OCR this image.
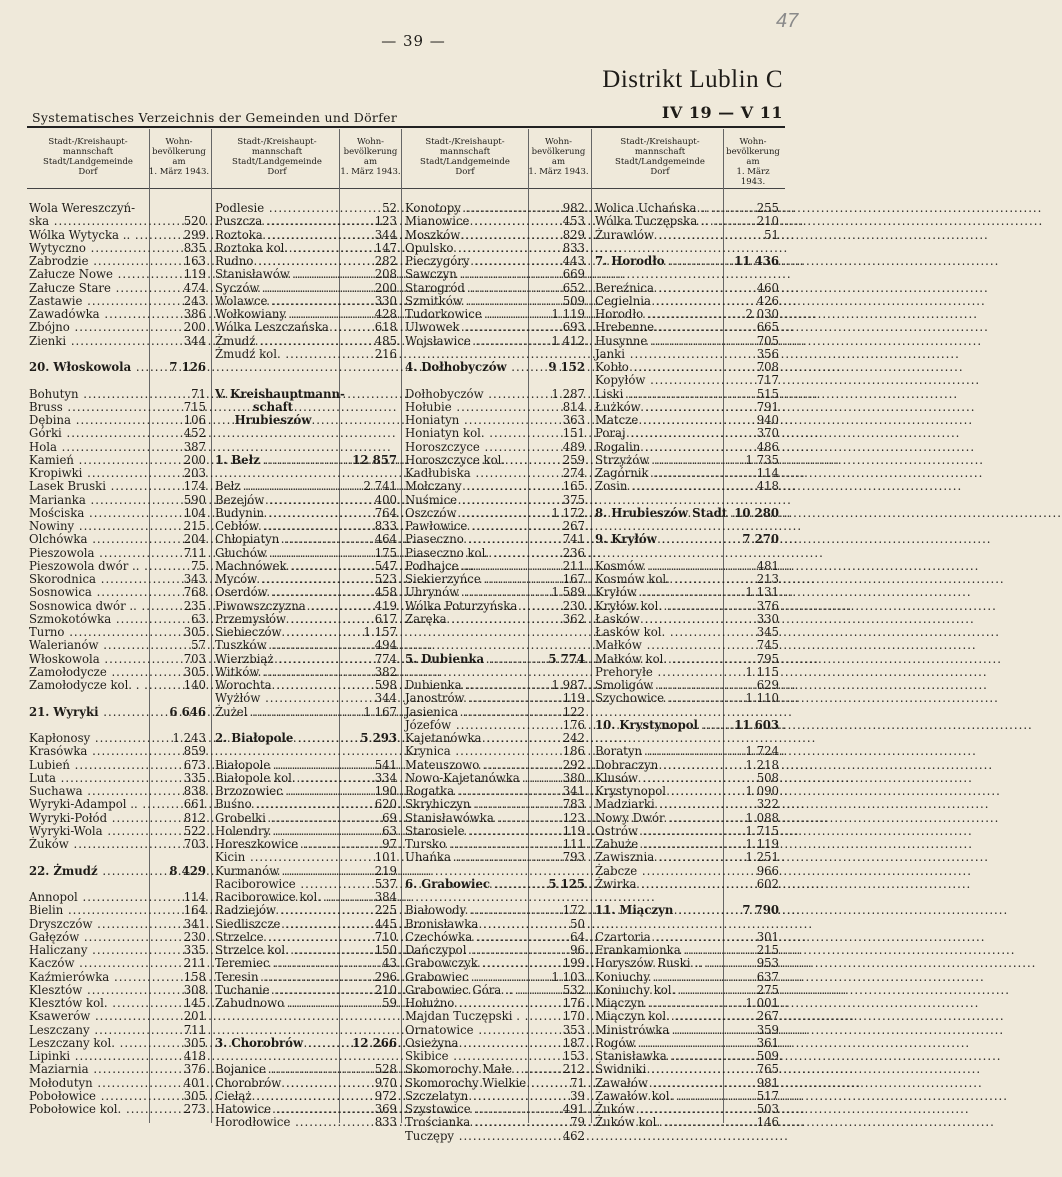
— 39 —
47
Distrikt Lublin C
Systematisches Verzeichnis der Gemeinden und Dörfer	IV 19 — V 11
Stadt-/Kreishaupt-
mannschaft
Stadt/Landgemeinde
Dorf
Wohn-
bevölkerung
am
1. März 1943.
Wola Wereszczyń-
ska .....
Wólka Wytycka .. .....
Wytyczno .....
Zabrodzie .....
Załucze Nowe .....
Załucze Stare .....
Zastawie .....
Zawadówka .....
Zbójno .....
Zienki .....
20. Włoskowola .....
Bohutyn .....
Bruss .....
Dębina .....
Górki .....
Hola .....
Kamień .....
Kropiwki .....
Lasek Bruski .....
Marianka .....
Mościska .....
Nowiny .....
Olchówka .....
Pieszowola .....
Pieszowola dwór .. .....
Skorodnica .....
Sosnowica .....
Sosnowica dwór .. .....
Szmokotówka .....
Turno .....
Walerianów .....
Włoskowola .....
Zamołodycze .....
Zamołodycze kol. . .....
21. Wyryki .....
Kapłonosy .....
Krasówka .....
Lubień .....
Luta .....
Suchawa .....
Wyryki-Adampol .. .....
Wyryki-Połód .....
Wyryki-Wola .....
Żuków .....
22. Żmudź .....
Annopol .....
Bielin .....
Dryszczów .....
Gałęzów .....
Haliczany .....
Kaczów .....
Kaźmierówka .....
Klesztów .....
Klesztów kol. .....
Ksawerów .....
Leszczany .....
Leszczany kol. .....
Lipinki .....
Maziarnia .....
Mołodutyn .....
Pobołowice .....
Pobołowice kol. .....
520
299
835
163
119
474
243
386
200
344
7 126
71
715
106
452
387
200
203
174
590
104
215
204
711
75
343
768
235
63
305
57
703
305
140
6 646
1 243
859
673
335
838
661
812
522
703
8 429
114
164
341
230
335
211
158
308
145
201
711
305
418
376
401
305
273
Stadt-/Kreishaupt-
mannschaft
Stadt/Landgemeinde
Dorf
Wohn-
bevölkerung
am
1. März 1943.
Podlesie .....
Puszcza .....
Roztoka .....
Roztoka kol. .....
Rudno .....
Stanisławów .....
Syczów .....
Wolawce .....
Wołkowiany .....
Wólka Leszczańska .....
Żmudź .....
Żmudź kol. .....
V. Kreishauptmann-
schaft
Hrubieszów
1. Bełz .....
Bełz .....
Bezejów .....
Budynin .....
Cebłów .....
Chłopiatyn .....
Głuchów .....
Machnówek .....
Myców .....
Oserdów .....
Piwowszczyzna .....
Przemysłów .....
Siebieczów .....
Tuszków .....
Wierzbiąż .....
Witków .....
Worochta .....
Wyżłów .....
Żużel .....
2. Białopole .....
Białopole .....
Białopole kol. .....
Brzozowiec .....
Buśno .....
Grobelki .....
Holendry .....
Horeszkowice .....
Kicin .....
Kurmanów .....
Raciborowice .....
Raciborowice kol. .....
Radziejów .....
Siedliszcze .....
Strzelce .....
Strzelce kol. .....
Teremiec .....
Teresin .....
Tuchanie .....
Zabudnowo .....
3. Chorobrów .....
Bojanice .....
Chorobrów .....
Ciełąż .....
Hatowice .....
Horodłowice .....
52
123
344
147
282
208
200
330
428
618
485
216
12 857
2 741
400
764
833
464
175
547
523
458
419
617
1 157
494
774
382
598
344
1 167
5 293
541
334
190
620
69
63
97
101
219
537
384
225
445
710
150
43
296
210
59
12 266
528
970
972
369
833
Stadt-/Kreishaupt-
mannschaft
Stadt/Landgemeinde
Dorf
Wohn-
bevölkerung
am
1. März 1943.
Konotopy .....
Mianowice .....
Moszków .....
Opulsko .....
Pieczygóry .....
Sawczyn .....
Starogród .....
Szmitków .....
Tudorkowice .....
Ulwowek .....
Wojsławice .....
4. Dołhobyczów .....
Dołhobyczów .....
Hołubie .....
Honiatyn .....
Honiatyn kol. .....
Horoszczyce .....
Horoszczyce kol. .....
Kadłubiska .....
Mołczany .....
Nuśmice .....
Oszczów .....
Pawłowice .....
Piaseczno .....
Piaseczno kol. .....
Podhajce .....
Siekierzyńce .....
Uhrynów .....
Wólka Poturzyńska .....
Zaręka .....
5. Dubienka .....
Dubienka .....
Janostrów .....
Jasienica .....
Józefów .....
Kajetanówka .....
Krynica .....
Mateuszowo .....
Nowo-Kajetanówka .....
Rogatka .....
Skryhiczyn .....
Stanisławówka .....
Starosiele .....
Tursko .....
Uhańka .....
6. Grabowiec .....
Białowody .....
Bronisławka .....
Czechówka .....
Dańczypol .....
Grabowczyk .....
Grabowiec .....
Grabowiec Góra .. .....
Hołużno .....
Majdan Tuczępski . .....
Ornatowice .....
Osieżyna .....
Skibice .....
Skomorochy Małe . .....
Skomorochy Wielkie .....
Szczelatyn .....
Szystowice .....
Trościanka .....
Tuczępy .....
982
453
829
833
443
669
652
509
1 119
693
1 412
9 152
1 287
814
363
151
489
259
274
165
375
1 172
267
741
236
211
167
1 589
230
362
5 774
1 987
119
122
176
242
186
292
380
341
783
123
119
111
793
5 125
172
50
64
96
199
1 103
532
176
170
353
187
153
212
71
39
491
79
462
Stadt-/Kreishaupt-
mannschaft
Stadt/Landgemeinde
Dorf
Wohn-
bevölkerung
am
1. März 1943.
Wolica Uchańska .. .....
Wólka Tuczępska .. .....
Żurawlów .....
7. Horodło .....
Bereźnica .....
Cegielnia .....
Horodło .....
Hrebenne .....
Husynne .....
Janki .....
Kobło .....
Kopyłów .....
Liski .....
Łużków .....
Matcze .....
Poraj .....
Rogalin .....
Strzyżów .....
Zagórnik .....
Zosin .....
8. Hrubieszów Stadt .....
9. Kryłów .....
Kosmów .....
Kosmów kol. .....
Kryłów .....
Kryłów kol. .....
Łasków .....
Łasków kol. .....
Małków .....
Małków kol. .....
Prehoryłe .....
Smoligów .....
Szychowice .....
10. Krystynopol .....
Boratyn .....
Dobraczyn .....
Klusów .....
Krystynopol .....
Madziarki .....
Nowy Dwór .....
Ostrów .....
Zabuże .....
Zawisznia .....
Żabcze .....
Żwirka .....
11. Miączyn .....
Czartoria .....
Frankamionka .....
Horyszów Ruski .. .....
Koniuchy .....
Koniuchy kol. .....
Miączyn .....
Miączyn kol. .....
Ministrówka .....
Rogów .....
Stanisławka .....
Świdniki .....
Zawałów .....
Zawałów kol. .....
Żuków .....
Żuków kol. .....
255
210
51
11 436
460
426
2 030
665
705
356
708
717
515
791
940
370
486
1 735
114
418
10 280
7 270
481
213
1 131
376
330
345
745
795
1 115
629
1 110
11 603
1 724
1 218
508
1 090
322
1 088
1 715
1 119
1 251
966
602
7 790
301
215
953
637
275
1 001
267
359
361
509
765
981
517
503
146
